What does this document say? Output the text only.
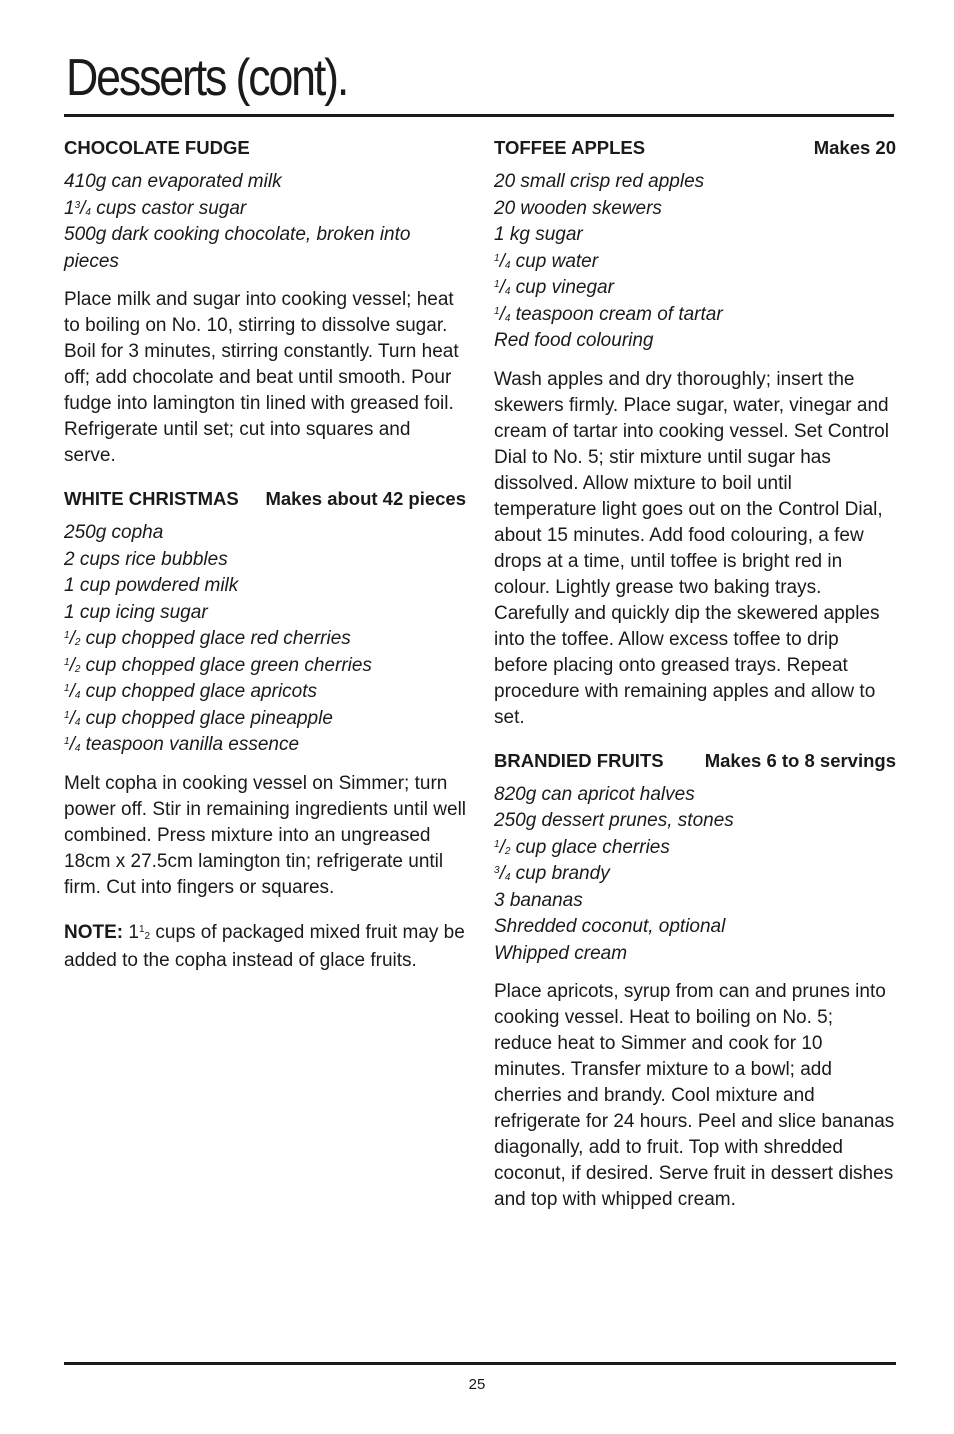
Desserts (cont).
CHOCOLATE FUDGE

410g can evaporated milk

$1^3/_4$ cups castor sugar

500g dark cooking chocolate, broken into pieces

Place milk and sugar into cooking vessel; heat to boiling on No. 10, stirring to dissolve sugar. Boil for 3 minutes, stirring constantly. Turn heat off; add chocolate and beat until smooth. Pour fudge into lamington tin lined with greased foil. Refrigerate until set; cut into squares and serve.

WHITE CHRISTMAS Makes about 42 pieces

250g copha

2 cups rice bubbles

1 cup powdered milk

1 cup icing sugar

$^1/_2$ cup chopped glace red cherries

$^1/_2$ cup chopped glace green cherries

$^1/_4$ cup chopped glace apricots

$^1/_4$ cup chopped glace pineapple

$^1/_4$ teaspoon vanilla essence

Melt copha in cooking vessel on Simmer; turn power off. Stir in remaining ingredients until well combined. Press mixture into an ungreased 18cm x 27.5cm lamington tin; refrigerate until firm. Cut into fingers or squares.

NOTE: $1^1_2$ cups of packaged mixed fruit may be added to the copha instead of glace fruits.

TOFFEE APPLES	Makes 20

20 small crisp red apples

20 wooden skewers

1 kg sugar

$^1/_4$ cup water

$^1/_4$ cup vinegar

$^1/_4$ teaspoon cream of tartar

Red food colouring

Wash apples and dry thoroughly; insert the skewers firmly. Place sugar, water, vinegar and cream of tartar into cooking vessel. Set Control Dial to No. 5; stir mixture until sugar has dissolved. Allow mixture to boil until temperature light goes out on the Control Dial, about 15 minutes. Add food colouring, a few drops at a time, until toffee is bright red in colour. Lightly grease two baking trays. Carefully and quickly dip the skewered apples into the toffee. Allow excess toffee to drip before placing onto greased trays. Repeat procedure with remaining apples and allow to set.

BRANDIED FRUITS Makes 6 to 8 servings

820g can apricot halves

250g dessert prunes, stones

$^1/_2$ cup glace cherries

$^3/_4$ cup brandy

3 bananas

Shredded coconut, optional

Whipped cream

Place apricots, syrup from can and prunes into cooking vessel. Heat to boiling on No. 5; reduce heat to Simmer and cook for 10 minutes. Transfer mixture to a bowl; add cherries and brandy. Cool mixture and refrigerate for 24 hours. Peel and slice bananas diagonally, add to fruit. Top with shredded coconut, if desired. Serve fruit in dessert dishes and top with whipped cream.

25
